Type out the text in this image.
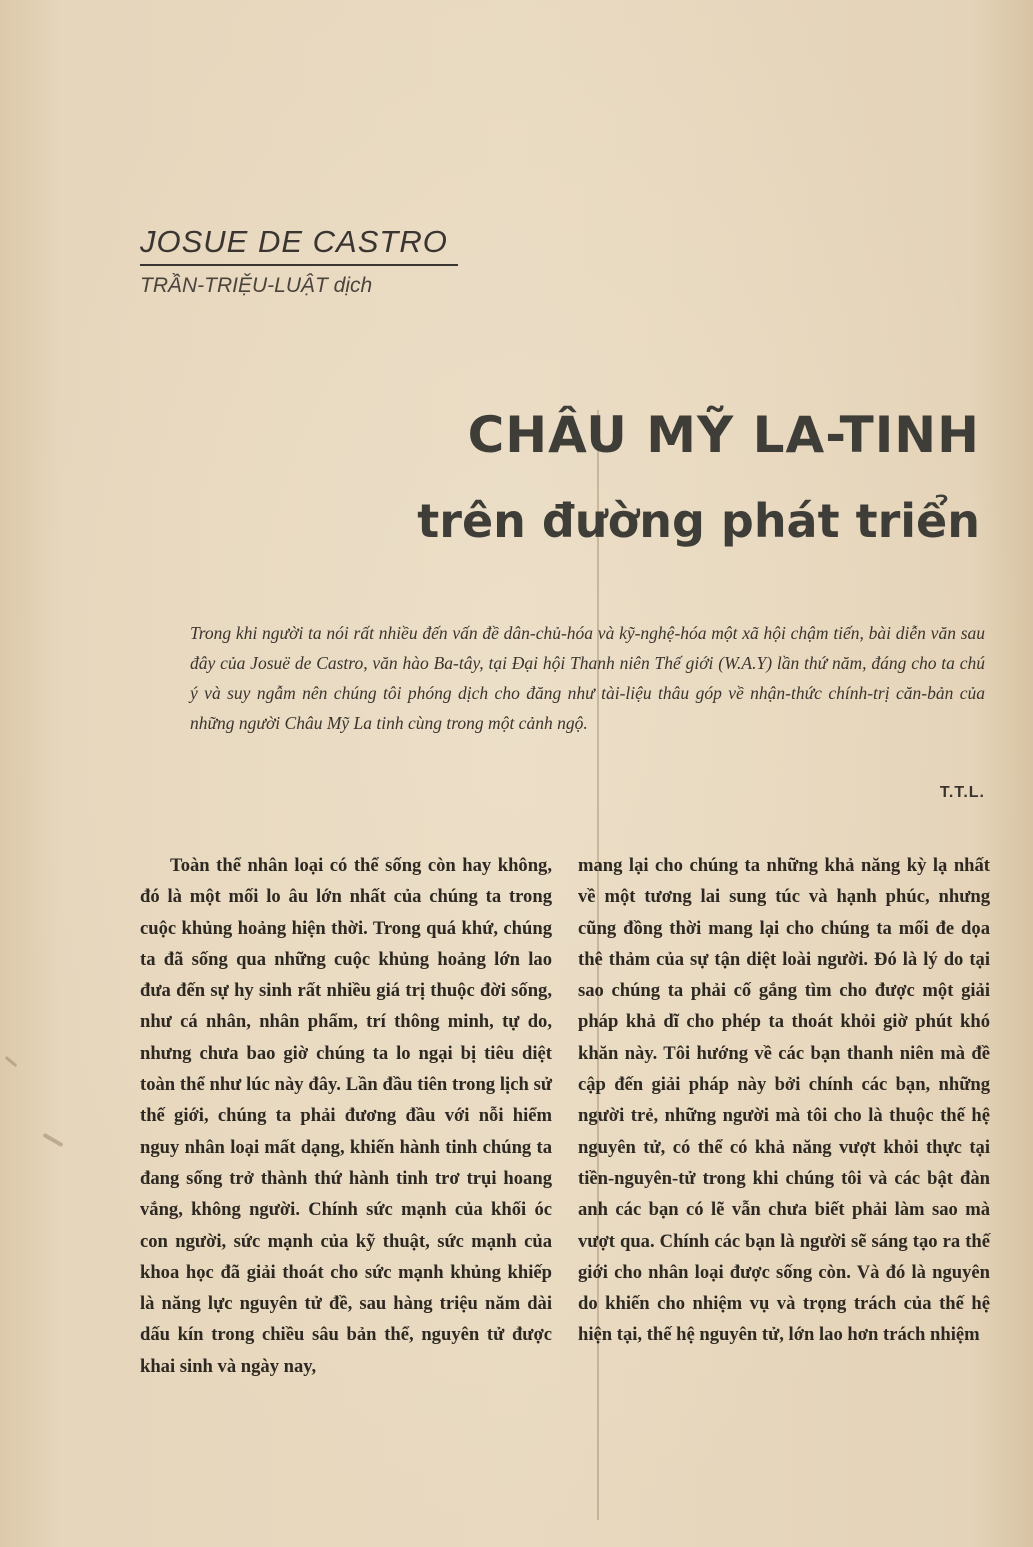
JOSUE DE CASTRO

TRẦN-TRIỆU-LUẬT dịch
CHÂU MỸ LA-TINH
trên đường phát triển

Trong khi người ta nói rất nhiều đến vấn đề dân-chủ-hóa và kỹ-nghệ-hóa một xã hội chậm tiến, bài diễn văn sau đây của Josuë de Castro, văn hào Ba-tây, tại Đại hội Thanh niên Thế giới (W.A.Y) lần thứ năm, đáng cho ta chú ý và suy ngẫm nên chúng tôi phóng dịch cho đăng như tài-liệu thâu góp về nhận-thức chính-trị căn-bản của những người Châu Mỹ La tinh cùng trong một cảnh ngộ.

T.T.L.

Toàn thể nhân loại có thể sống còn hay không, đó là một mối lo âu lớn nhất của chúng ta trong cuộc khủng hoảng hiện thời. Trong quá khứ, chúng ta đã sống qua những cuộc khủng hoảng lớn lao đưa đến sự hy sinh rất nhiều giá trị thuộc đời sống, như cá nhân, nhân phẩm, trí thông minh, tự do, nhưng chưa bao giờ chúng ta lo ngại bị tiêu diệt toàn thể như lúc này đây. Lần đầu tiên trong lịch sử thế giới, chúng ta phải đương đầu với nỗi hiểm nguy nhân loại mất dạng, khiến hành tinh chúng ta đang sống trở thành thứ hành tinh trơ trụi hoang vắng, không người. Chính sức mạnh của khối óc con người, sức mạnh của kỹ thuật, sức mạnh của khoa học đã giải thoát cho sức mạnh khủng khiếp là năng lực nguyên tử đề, sau hàng triệu năm dài dấu kín trong chiều sâu bản thể, nguyên tử được khai sinh và ngày nay,

mang lại cho chúng ta những khả năng kỳ lạ nhất về một tương lai sung túc và hạnh phúc, nhưng cũng đồng thời mang lại cho chúng ta mối đe dọa thê thảm của sự tận diệt loài người. Đó là lý do tại sao chúng ta phải cố gắng tìm cho được một giải pháp khả dĩ cho phép ta thoát khỏi giờ phút khó khăn này. Tôi hướng về các bạn thanh niên mà đề cập đến giải pháp này bởi chính các bạn, những người trẻ, những người mà tôi cho là thuộc thế hệ nguyên tử, có thể có khả năng vượt khỏi thực tại tiền-nguyên-tử trong khi chúng tôi và các bật đàn anh các bạn có lẽ vẫn chưa biết phải làm sao mà vượt qua. Chính các bạn là người sẽ sáng tạo ra thế giới cho nhân loại được sống còn. Và đó là nguyên do khiến cho nhiệm vụ và trọng trách của thế hệ hiện tại, thế hệ nguyên tử, lớn lao hơn trách nhiệm
